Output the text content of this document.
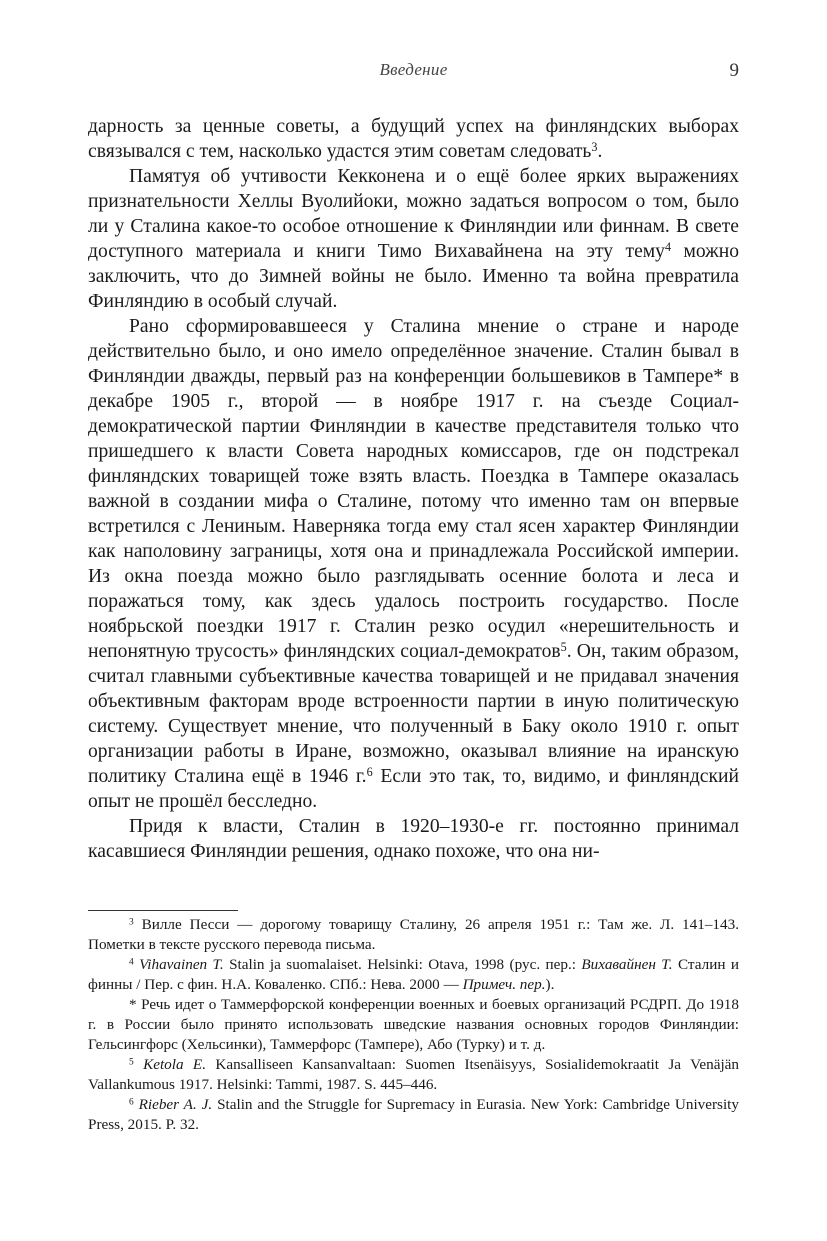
Введение	9

дарность за ценные советы, а будущий успех на финляндских выборах связывался с тем, насколько удастся этим советам следовать$^3$.

Памятуя об учтивости Кекконена и о ещё более ярких выражениях признательности Хеллы Вуолийоки, можно задаться вопросом о том, было ли у Сталина какое-то особое отношение к Финляндии или финнам. В свете доступного материала и книги Тимо Вихавайнена на эту тему$^4$ можно заключить, что до Зимней войны не было. Именно та война превратила Финляндию в особый случай.

Рано сформировавшееся у Сталина мнение о стране и народе действительно было, и оно имело определённое значение. Сталин бывал в Финляндии дважды, первый раз на конференции большевиков в Тампере* в декабре 1905 г., второй — в ноябре 1917 г. на съезде Социал-демократической партии Финляндии в качестве представителя только что пришедшего к власти Совета народных комиссаров, где он подстрекал финляндских товарищей тоже взять власть. Поездка в Тампере оказалась важной в создании мифа о Сталине, потому что именно там он впервые встретился с Лениным. Наверняка тогда ему стал ясен характер Финляндии как наполовину заграницы, хотя она и принадлежала Российской империи. Из окна поезда можно было разглядывать осенние болота и леса и поражаться тому, как здесь удалось построить государство. После ноябрьской поездки 1917 г. Сталин резко осудил «нерешительность и непонятную трусость» финляндских социал-демократов$^5$. Он, таким образом, считал главными субъективные качества товарищей и не придавал значения объективным факторам вроде встроенности партии в иную политическую систему. Существует мнение, что полученный в Баку около 1910 г. опыт организации работы в Иране, возможно, оказывал влияние на иранскую политику Сталина ещё в 1946 г.$^6$ Если это так, то, видимо, и финляндский опыт не прошёл бесследно.

Придя к власти, Сталин в 1920–1930-е гг. постоянно принимал касавшиеся Финляндии решения, однако похоже, что она ни-

$^3$ Вилле Песси — дорогому товарищу Сталину, 26 апреля 1951 г.: Там же. Л. 141–143. Пометки в тексте русского перевода письма.

$^4$ Vihavainen T. Stalin ja suomalaiset. Helsinki: Otava, 1998 (рус. пер.: Вихавайнен Т. Сталин и финны / Пер. с фин. Н.А. Коваленко. СПб.: Нева. 2000 — Примеч. пер.).

* Речь идет о Таммерфорской конференции военных и боевых организаций РСДРП. До 1918 г. в России было принято использовать шведские названия основных городов Финляндии: Гельсингфорс (Хельсинки), Таммерфорс (Тампере), Або (Турку) и т. д.

$^5$ Ketola E. Kansalliseen Kansanvaltaan: Suomen Itsenäisyys, Sosialidemokraatit Ja Venäjän Vallankumous 1917. Helsinki: Tammi, 1987. S. 445–446.

$^6$ Rieber A. J. Stalin and the Struggle for Supremacy in Eurasia. New York: Cambridge University Press, 2015. P. 32.
